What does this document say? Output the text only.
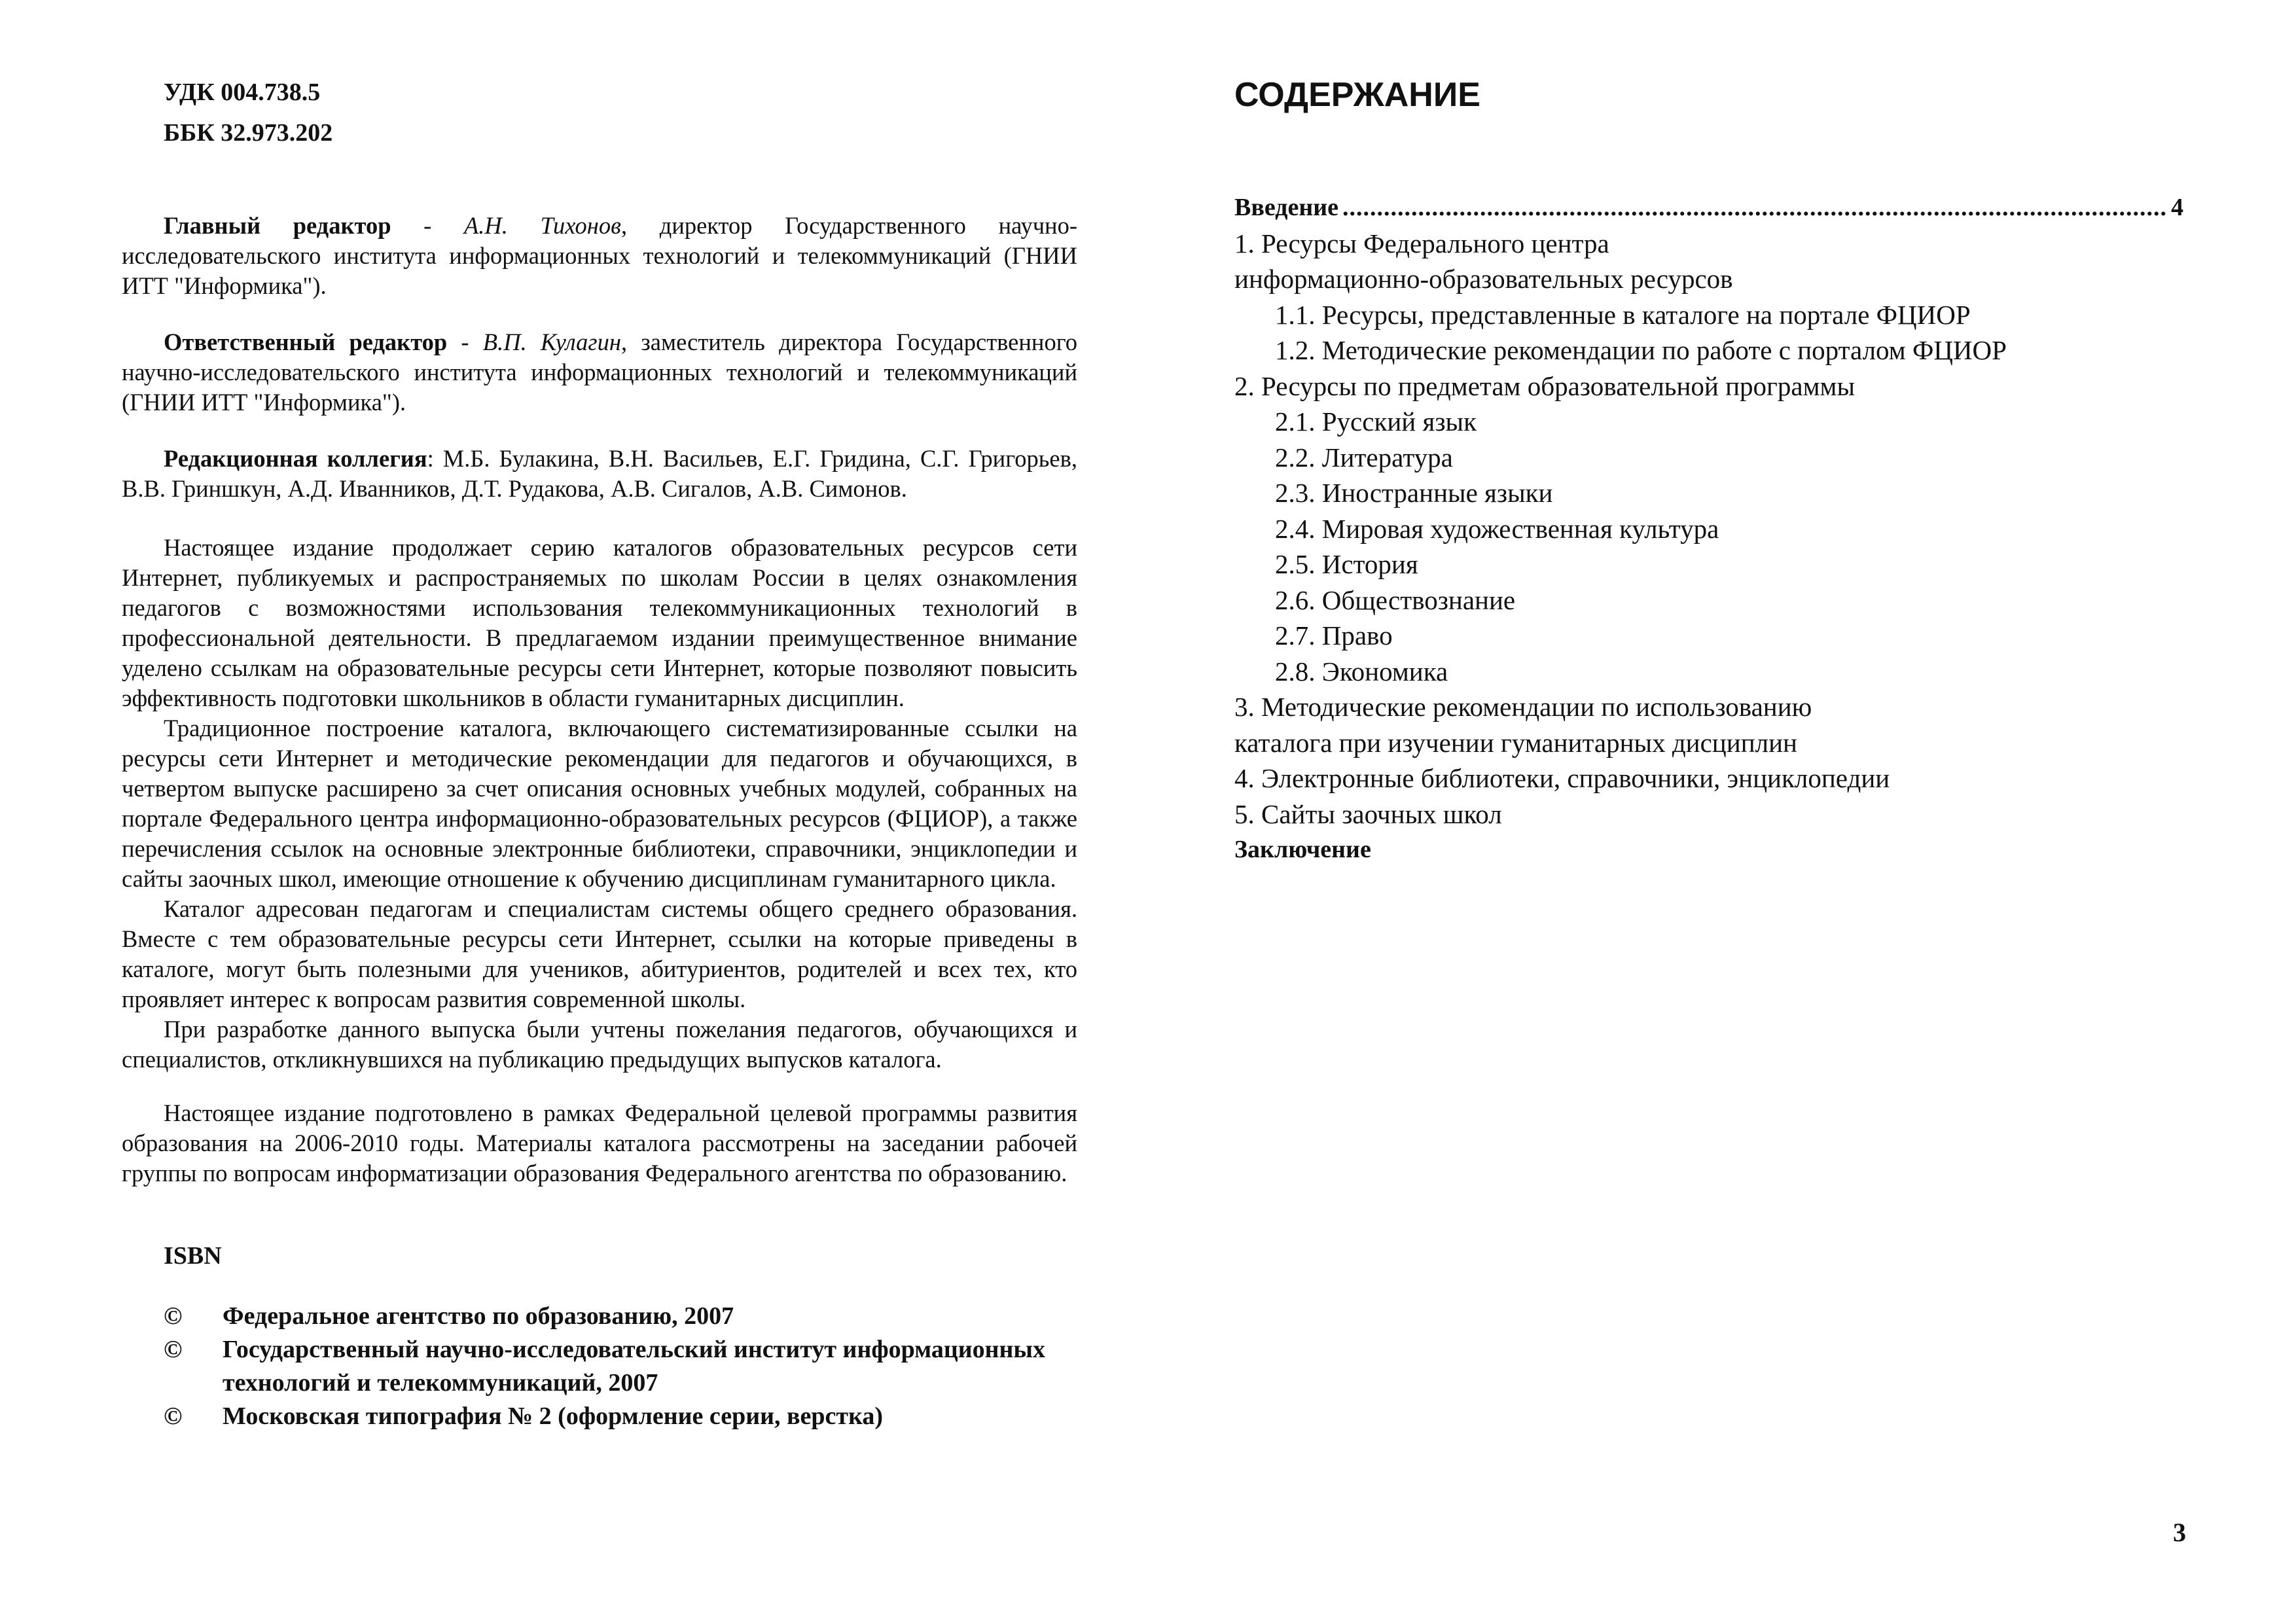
УДК 004.738.5
ББК 32.973.202

Главный редактор - А.Н. Тихонов, директор Государственного научно-исследовательского института информационных технологий и телекоммуникаций (ГНИИ ИТТ "Информика").

Ответственный редактор - В.П. Кулагин, заместитель директора Государственного научно-исследовательского института информационных технологий и телекоммуникаций (ГНИИ ИТТ "Информика").

Редакционная коллегия: М.Б. Булакина, В.Н. Васильев, Е.Г. Гридина, С.Г. Григорьев, В.В. Гриншкун, А.Д. Иванников, Д.Т. Рудакова, А.В. Сигалов, А.В. Симонов.

Настоящее издание продолжает серию каталогов образовательных ресурсов сети Интернет, публикуемых и распространяемых по школам России в целях ознакомления педагогов с возможностями использования телекоммуникационных технологий в профессиональной деятельности. В предлагаемом издании преимущественное внимание уделено ссылкам на образовательные ресурсы сети Интернет, которые позволяют повысить эффективность подготовки школьников в области гуманитарных дисциплин.

Традиционное построение каталога, включающего систематизированные ссылки на ресурсы сети Интернет и методические рекомендации для педагогов и обучающихся, в четвертом выпуске расширено за счет описания основных учебных модулей, собранных на портале Федерального центра информационно-образовательных ресурсов (ФЦИОР), а также перечисления ссылок на основные электронные библиотеки, справочники, энциклопедии и сайты заочных школ, имеющие отношение к обучению дисциплинам гуманитарного цикла.

Каталог адресован педагогам и специалистам системы общего среднего образования. Вместе с тем образовательные ресурсы сети Интернет, ссылки на которые приведены в каталоге, могут быть полезными для учеников, абитуриентов, родителей и всех тех, кто проявляет интерес к вопросам развития современной школы.

При разработке данного выпуска были учтены пожелания педагогов, обучающихся и специалистов, откликнувшихся на публикацию предыдущих выпусков каталога.

Настоящее издание подготовлено в рамках Федеральной целевой программы развития образования на 2006-2010 годы. Материалы каталога рассмотрены на заседании рабочей группы по вопросам информатизации образования Федерального агентства по образованию.

ISBN
©	Федеральное агентство по образованию, 2007
©	Государственный научно-исследовательский институт информационных технологий и телекоммуникаций, 2007
©	Московская типография № 2 (оформление серии, верстка)
СОДЕРЖАНИЕ
Введение
.....	4
1. Ресурсы Федерального центра
информационно-образовательных ресурсов
1.1. Ресурсы, представленные в каталоге на портале ФЦИОР
1.2. Методические рекомендации по работе с порталом ФЦИОР
2. Ресурсы по предметам образовательной программы
2.1. Русский язык
2.2. Литература
2.3. Иностранные языки
2.4. Мировая художественная культура
2.5. История
2.6. Обществознание
2.7. Право
2.8. Экономика
3. Методические рекомендации по использованию
каталога при изучении гуманитарных дисциплин
4. Электронные библиотеки, справочники, энциклопедии
5. Сайты заочных школ
Заключение
3
